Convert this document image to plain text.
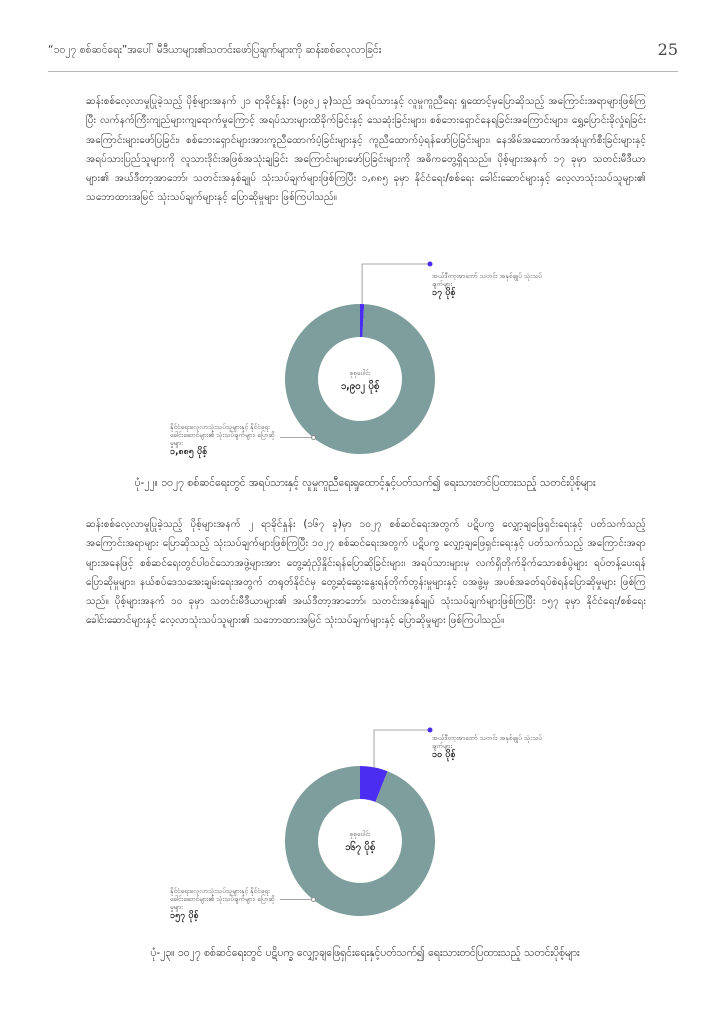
“၁၀၂၇ စစ်ဆင်ရေး”အပေါ် မီဒီယာများ၏သတင်းဖော်ပြချက်များကို ဆန်းစစ်လေ့လာခြင်း	25
ဆန်းစစ်လေ့လာမှုပြုခဲ့သည့် ပိုစ့်များအနက် ၂၁ ရာခိုင်နှုန်း (၁၉၀၂ ခု)သည် အရပ်သားနှင့် လူမှုကူညီရေး ရှုထောင့်မှပြောဆိုသည့် အကြောင်းအရာများဖြစ်ကြပြီး လက်နက်ကြီးကျည်များကျရောက်မှုကြောင့် အရပ်သားများထိခိုက်ခြင်းနှင့် သေဆုံးခြင်းများ၊ စစ်ဘေးရှောင်နေရခြင်းအကြောင်းများ၊ ရွှေ့ပြောင်းခိုလှုံရခြင်းအကြောင်းများဖော်ပြခြင်း၊ စစ်ဘေးရှောင်များအားကူညီထောက်ပံ့ခြင်းများနှင့် ကူညီထောက်ပံ့ရန်ဖော်ပြခြင်းများ၊ နေအိမ်အဆောက်အအုံပျက်စီးခြင်းများနှင့် အရပ်သားပြည်သူများကို လူသားဒိုင်းအဖြစ်အသုံးချခြင်း အကြောင်းများဖော်ပြခြင်းများကို အဓိကတွေ့ရှိရသည်။ ပိုစ့်များအနက် ၁၇ ခုမှာ သတင်းမီဒီယာများ၏ အယ်ဒီတာ့အာဘော်၊ သတင်းအနှစ်ချုပ် သုံးသပ်ချက်များဖြစ်ကြပြီး ၁,၈၈၅ ခုမှာ နိုင်ငံရေး/စစ်ရေး ခေါင်းဆောင်များနှင့် လေ့လာသုံးသပ်သူများ၏ သဘောထားအမြင် သုံးသပ်ချက်များနှင့် ပြောဆိုမှုများ ဖြစ်ကြပါသည်။
အယ်ဒီတာ့အာဘော် သတင်း အနှစ်ချုပ် သုံးသပ်ချက်များ
၁၇ ပိုစ့်
စုစုပေါင်း
၁,၉၀၂ ပိုစ့်
နိုင်ငံရေးလေ့လာသုံးသပ်သူများနှင့် နိုင်ငံရေးခေါင်းဆောင်များ၏ သုံးသပ်ချက်များ၊ ပြောဆိုမှုများ
၁,၈၈၅ ပိုစ့်
ပုံ-၂၂။ ၁၀၂၇ စစ်ဆင်ရေးတွင် အရပ်သားနှင့် လူမှုကူညီရေးရှုထောင့်နှင့်ပတ်သက်၍ ရေးသားတင်ပြထားသည့် သတင်းပိုစ့်များ
ဆန်းစစ်လေ့လာမှုပြုခဲ့သည့် ပိုစ့်များအနက် ၂ ရာခိုင်နှုန်း (၁၆၇ ခု)မှာ ၁၀၂၇ စစ်ဆင်ရေးအတွက် ပဋိပက္ခ လျှော့ချဖြေရှင်းရေးနှင့် ပတ်သက်သည့် အကြောင်းအရာများ ပြောဆိုသည့် သုံးသပ်ချက်များဖြစ်ကြပြီး ၁၀၂၇ စစ်ဆင်ရေးအတွက် ပဋိပက္ခ လျှော့ချဖြေရှင်းရေးနှင့် ပတ်သက်သည့် အကြောင်းအရာများအနေဖြင့် စစ်ဆင်ရေးတွင်ပါဝင်သောအဖွဲ့များအား တွေ့ဆုံညှိနှိုင်းရန်ပြောဆိုခြင်းများ၊ အရပ်သားများမှ လက်ရှိတိုက်ခိုက်သောစစ်ပွဲများ ရပ်တန့်ပေးရန် ပြောဆိုမှုများ၊ နယ်စပ်ဒေသအေးချမ်းရေးအတွက် တရုတ်နိုင်ငံမှ တွေ့ဆုံဆွေးနွေးရန်တိုက်တွန်းမှုများနှင့် ဝအဖွဲ့မှ အပစ်အခတ်ရပ်စဲရန်ပြောဆိုမှုများ ဖြစ်ကြသည်။ ပိုစ့်များအနက် ၁၀ ခုမှာ သတင်းမီဒီယာများ၏ အယ်ဒီတာ့အာဘော်၊ သတင်းအနှစ်ချုပ် သုံးသပ်ချက်များဖြစ်ကြပြီး ၁၅၇ ခုမှာ နိုင်ငံရေး/စစ်ရေး ခေါင်းဆောင်များနှင့် လေ့လာသုံးသပ်သူများ၏ သဘောထားအမြင် သုံးသပ်ချက်များနှင့် ပြောဆိုမှုများ ဖြစ်ကြပါသည်။
အယ်ဒီတာ့အာဘော် သတင်း အနှစ်ချုပ် သုံးသပ်ချက်များ
၁၀ ပိုစ့်
စုစုပေါင်း
၁၆၇ ပိုစ့်
နိုင်ငံရေးလေ့လာသုံးသပ်သူများနှင့် နိုင်ငံရေးခေါင်းဆောင်များ၏ သုံးသပ်ချက်များ၊ ပြောဆိုမှုများ
၁၅၇ ပိုစ့်
ပုံ-၂၃။ ၁၀၂၇ စစ်ဆင်ရေးတွင် ပဋိပက္ခ လျှော့ချဖြေရှင်းရေးနှင့်ပတ်သက်၍ ရေးသားတင်ပြထားသည့် သတင်းပိုစ့်များ
